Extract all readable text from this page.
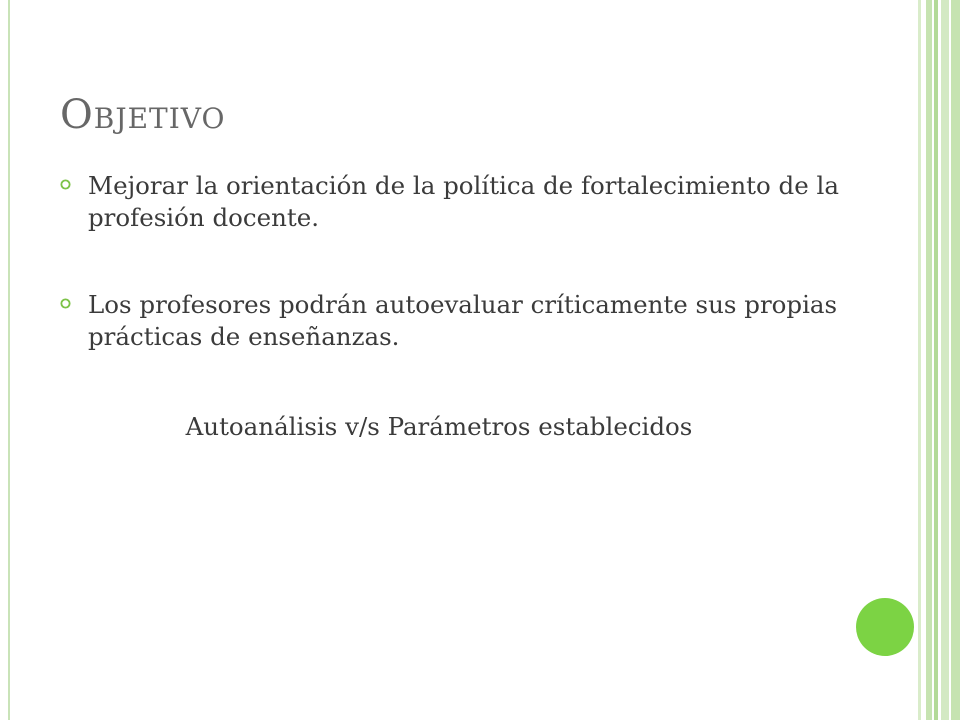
Objetivo
Mejorar la orientación de la política de fortalecimiento de la profesión docente.
Los profesores podrán autoevaluar críticamente sus propias prácticas de enseñanzas.
Autoanálisis v/s Parámetros establecidos
